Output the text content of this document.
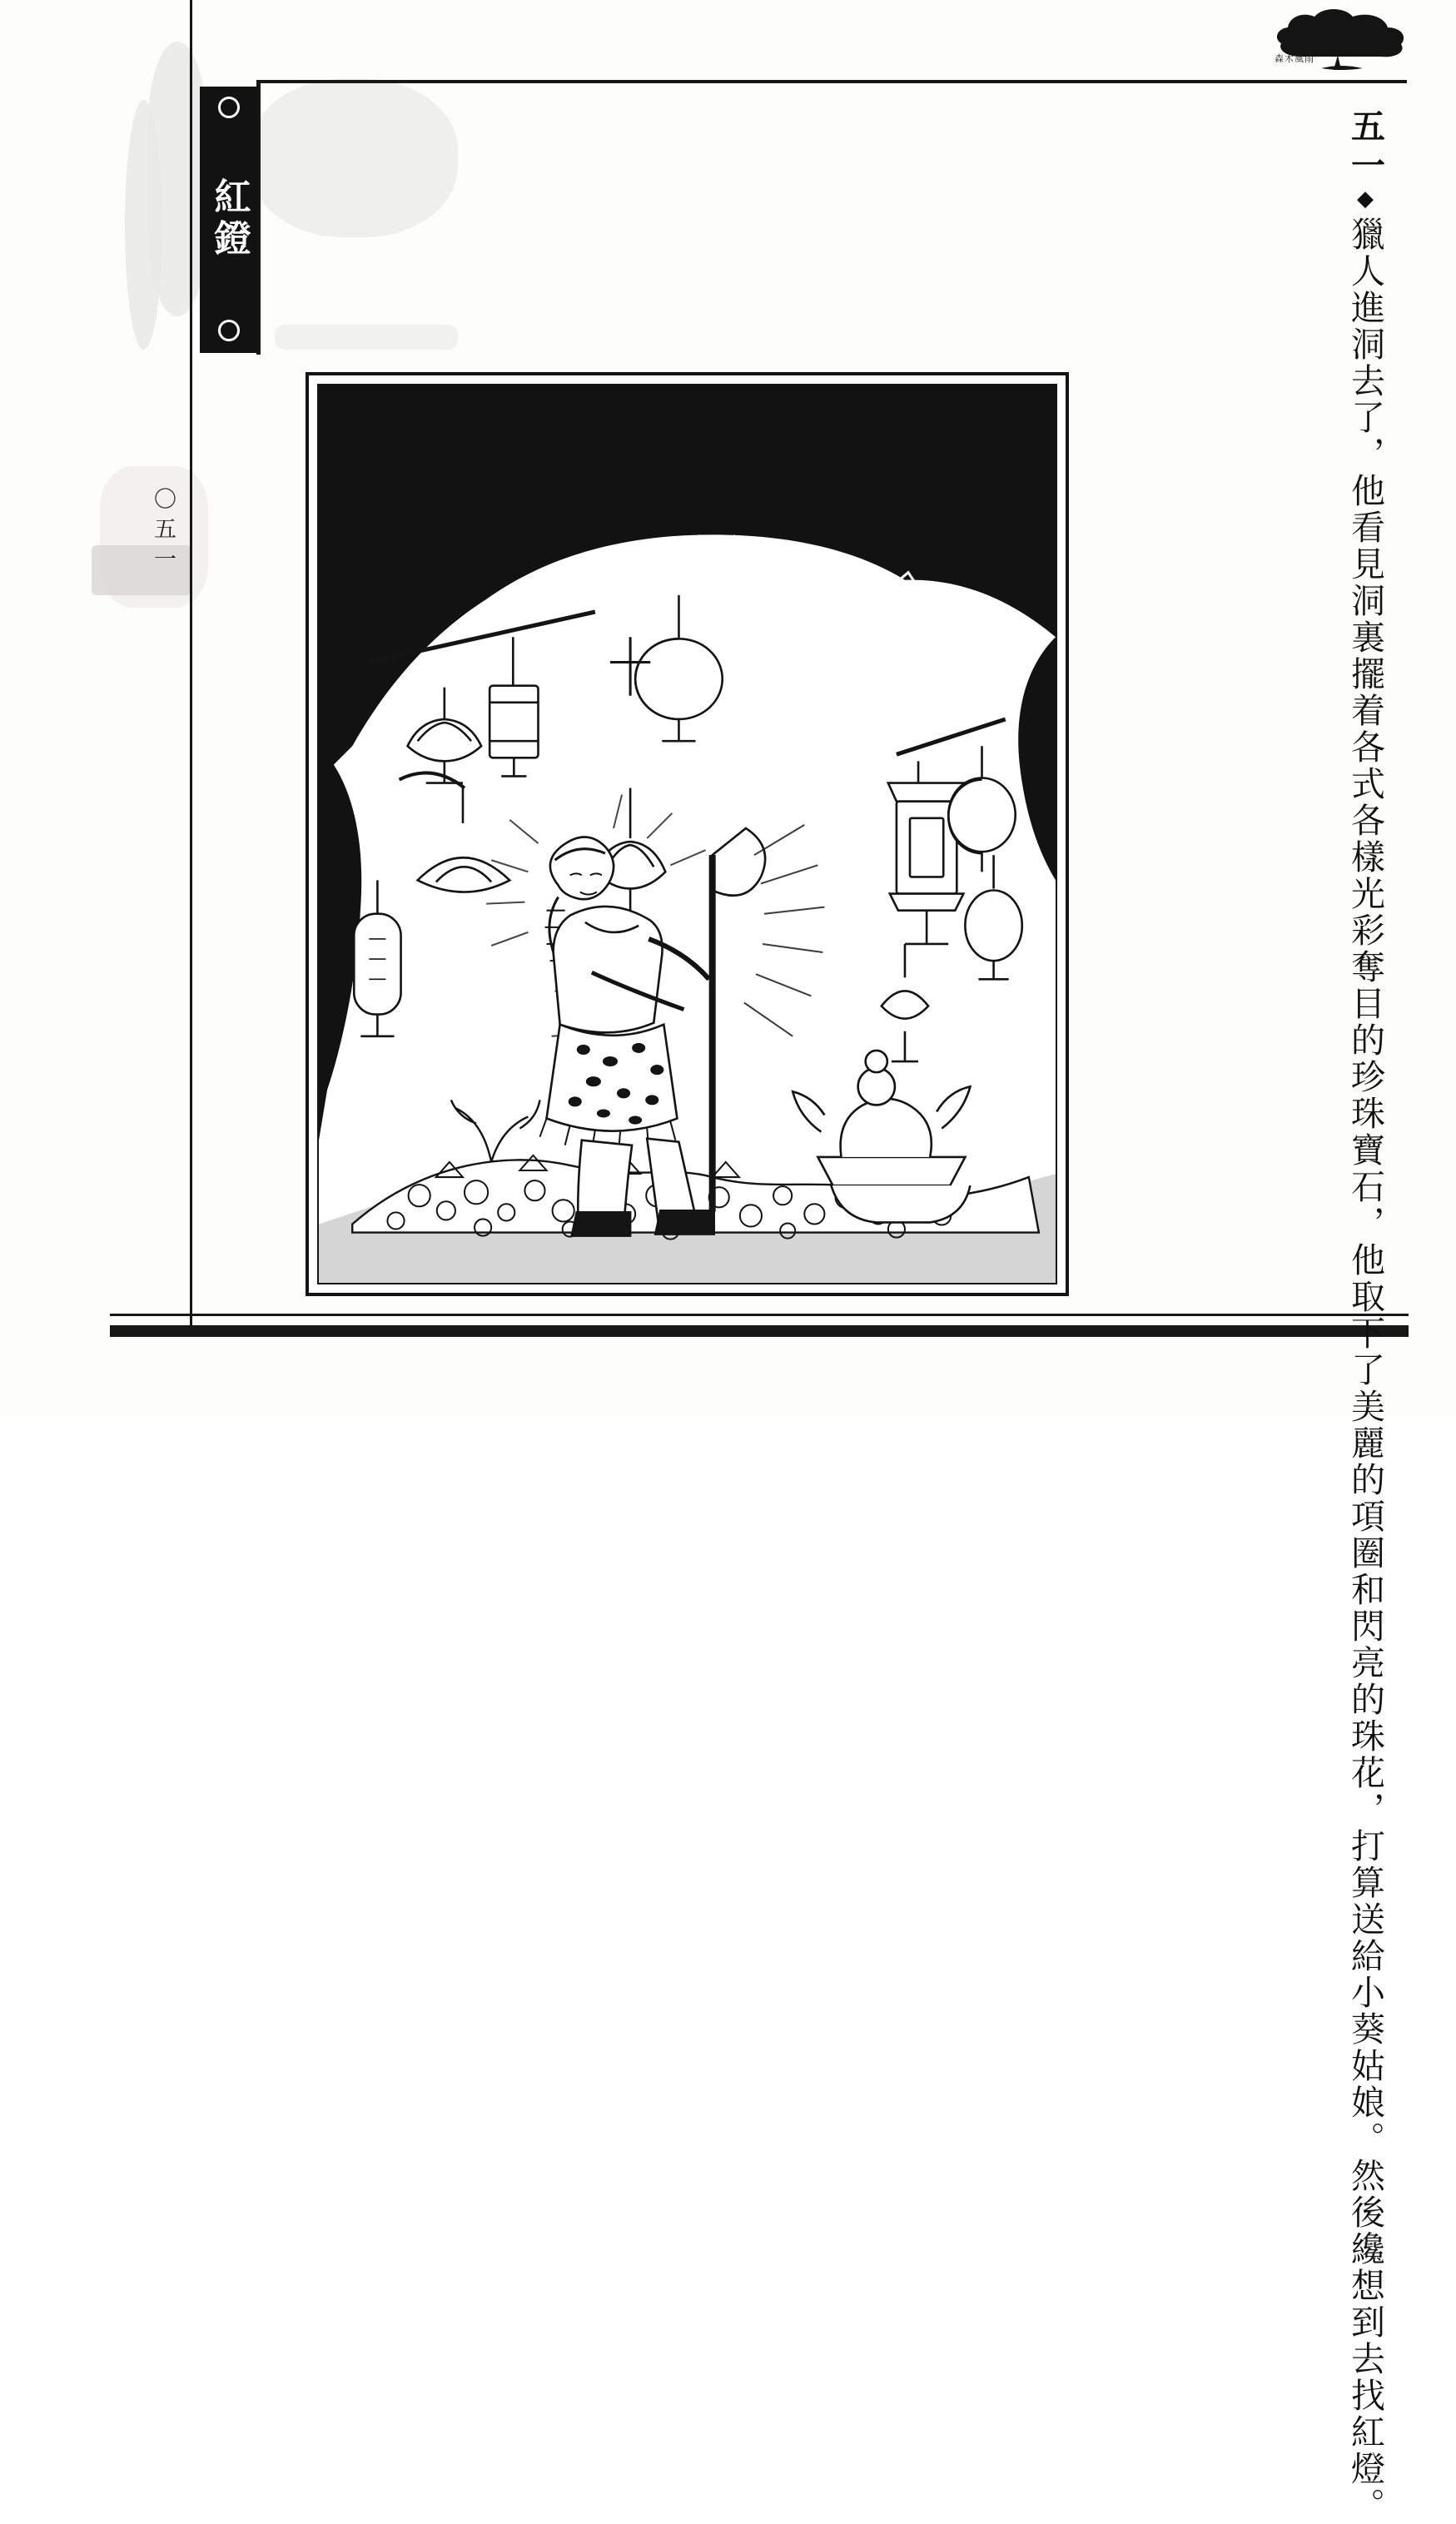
森木風雨
紅鐙
〇五一
五一◆獵人進洞去了，他看見洞裏擺着各式各樣光
彩奪目的珍珠寶石，他取下了美麗的項圈和閃亮的珠
花，打算送給小葵姑娘。然後纔想到去找紅燈。
